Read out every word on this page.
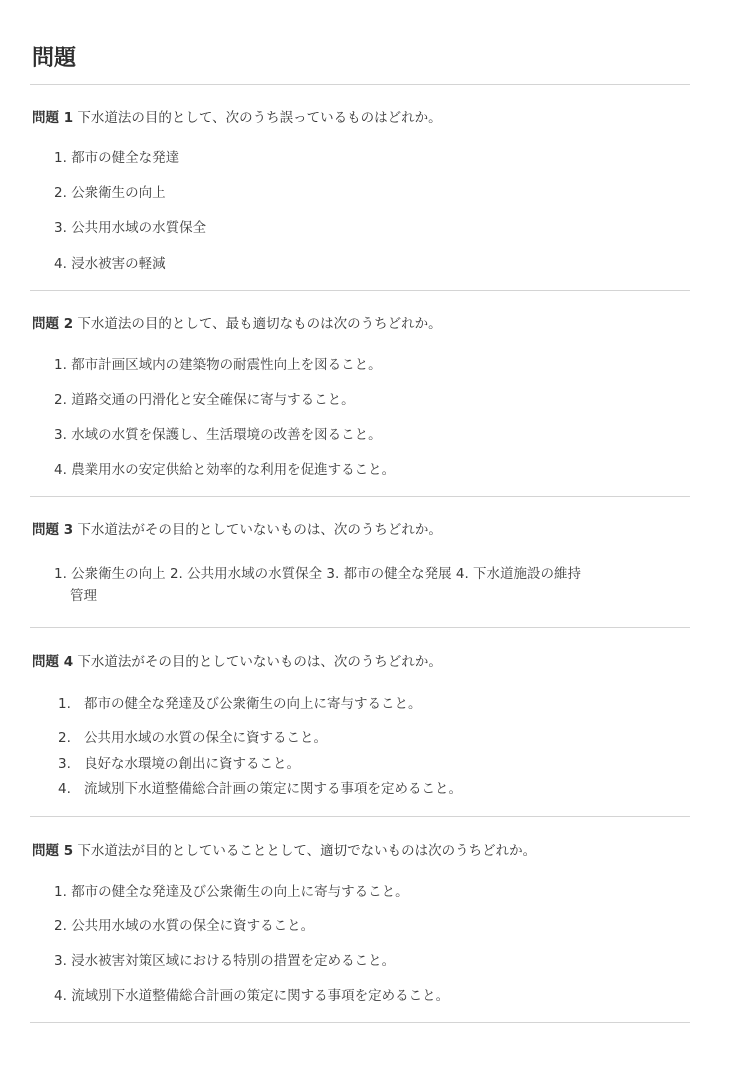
問題
問題 1 下水道法の目的として、次のうち誤っているものはどれか。
1. 都市の健全な発達
2. 公衆衛生の向上
3. 公共用水域の水質保全
4. 浸水被害の軽減
問題 2 下水道法の目的として、最も適切なものは次のうちどれか。
1. 都市計画区域内の建築物の耐震性向上を図ること。
2. 道路交通の円滑化と安全確保に寄与すること。
3. 水域の水質を保護し、生活環境の改善を図ること。
4. 農業用水の安定供給と効率的な利用を促進すること。
問題 3 下水道法がその目的としていないものは、次のうちどれか。
1. 公衆衛生の向上 2. 公共用水域の水質保全 3. 都市の健全な発展 4. 下水道施設の維持
管理
問題 4 下水道法がその目的としていないものは、次のうちどれか。
1. 都市の健全な発達及び公衆衛生の向上に寄与すること。
2. 公共用水域の水質の保全に資すること。
3. 良好な水環境の創出に資すること。
4. 流域別下水道整備総合計画の策定に関する事項を定めること。
問題 5 下水道法が目的としていることとして、適切でないものは次のうちどれか。
1. 都市の健全な発達及び公衆衛生の向上に寄与すること。
2. 公共用水域の水質の保全に資すること。
3. 浸水被害対策区域における特別の措置を定めること。
4. 流域別下水道整備総合計画の策定に関する事項を定めること。
